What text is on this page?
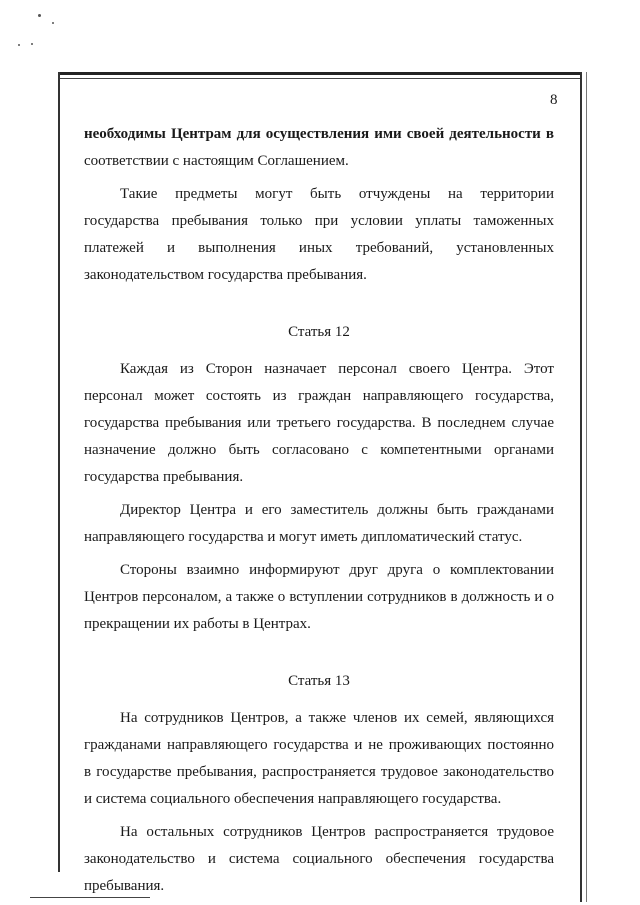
8
необходимы Центрам для осуществления ими своей деятельности в
соответствии с настоящим Соглашением.
Такие предметы могут быть отчуждены на территории
государства пребывания только при условии уплаты таможенных
платежей и выполнения иных требований, установленных
законодательством государства пребывания.
Статья 12
Каждая из Сторон назначает персонал своего Центра. Этот
персонал может состоять из граждан направляющего государства,
государства пребывания или третьего государства. В последнем случае
назначение должно быть согласовано с компетентными органами
государства пребывания.
Директор Центра и его заместитель должны быть гражданами
направляющего государства и могут иметь дипломатический статус.
Стороны взаимно информируют друг друга о комплектовании
Центров персоналом, а также о вступлении сотрудников в должность и о
прекращении их работы в Центрах.
Статья 13
На сотрудников Центров, а также членов их семей, являющихся
гражданами направляющего государства и не проживающих постоянно
в государстве пребывания, распространяется трудовое законодательство
и система социального обеспечения направляющего государства.
На остальных сотрудников Центров распространяется трудовое
законодательство и система социального обеспечения государства
пребывания.
